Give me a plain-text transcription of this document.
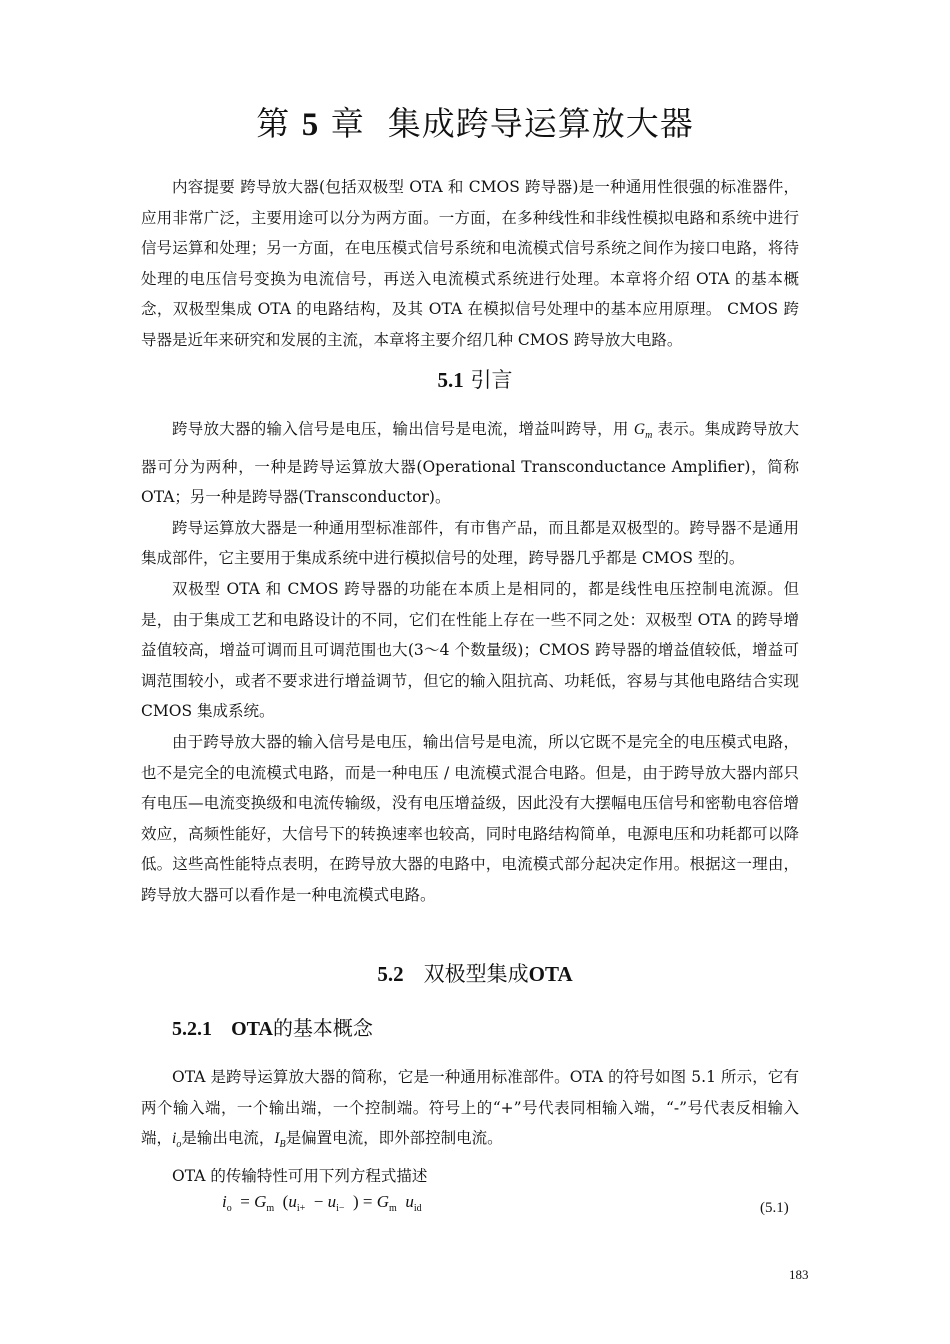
第 5 章 集成跨导运算放大器

内容提要 跨导放大器(包括双极型 OTA 和 CMOS 跨导器)是一种通用性很强的标准器件，应用非常广泛，主要用途可以分为两方面。一方面，在多种线性和非线性模拟电路和系统中进行信号运算和处理；另一方面，在电压模式信号系统和电流模式信号系统之间作为接口电路，将待处理的电压信号变换为电流信号，再送入电流模式系统进行处理。本章将介绍 OTA 的基本概念，双极型集成 OTA 的电路结构，及其 OTA 在模拟信号处理中的基本应用原理。 CMOS 跨导器是近年来研究和发展的主流，本章将主要介绍几种 CMOS 跨导放大电路。

5.1 引言

跨导放大器的输入信号是电压，输出信号是电流，增益叫跨导，用 $G_m$ 表示。集成跨导放大器可分为两种，一种是跨导运算放大器(Operational Transconductance Amplifier)，简称 OTA；另一种是跨导器(Transconductor)。

跨导运算放大器是一种通用型标准部件，有市售产品，而且都是双极型的。跨导器不是通用集成部件，它主要用于集成系统中进行模拟信号的处理，跨导器几乎都是 CMOS 型的。

双极型 OTA 和 CMOS 跨导器的功能在本质上是相同的，都是线性电压控制电流源。但是，由于集成工艺和电路设计的不同，它们在性能上存在一些不同之处：双极型 OTA 的跨导增益值较高，增益可调而且可调范围也大(3～4 个数量级)；CMOS 跨导器的增益值较低，增益可调范围较小，或者不要求进行增益调节，但它的输入阻抗高、功耗低，容易与其他电路结合实现CMOS 集成系统。

由于跨导放大器的输入信号是电压，输出信号是电流，所以它既不是完全的电压模式电路，也不是完全的电流模式电路，而是一种电压 / 电流模式混合电路。但是，由于跨导放大器内部只有电压—电流变换级和电流传输级，没有电压增益级，因此没有大摆幅电压信号和密勒电容倍增效应，高频性能好，大信号下的转换速率也较高，同时电路结构简单，电源电压和功耗都可以降低。这些高性能特点表明，在跨导放大器的电路中，电流模式部分起决定作用。根据这一理由，跨导放大器可以看作是一种电流模式电路。

5.2 双极型集成OTA
5.2.1 OTA的基本概念

OTA 是跨导运算放大器的简称，它是一种通用标准部件。OTA 的符号如图 5.1 所示，它有两个输入端，一个输出端，一个控制端。符号上的“+”号代表同相输入端，“-”号代表反相输入端，$i_o$是输出电流，$I_B$是偏置电流，即外部控制电流。

OTA 的传输特性可用下列方程式描述

$i_o = G_m$  ($u_{i+} - u_{i-}$  ) = $G_m$ $u_{id}$	(5.1)
183
